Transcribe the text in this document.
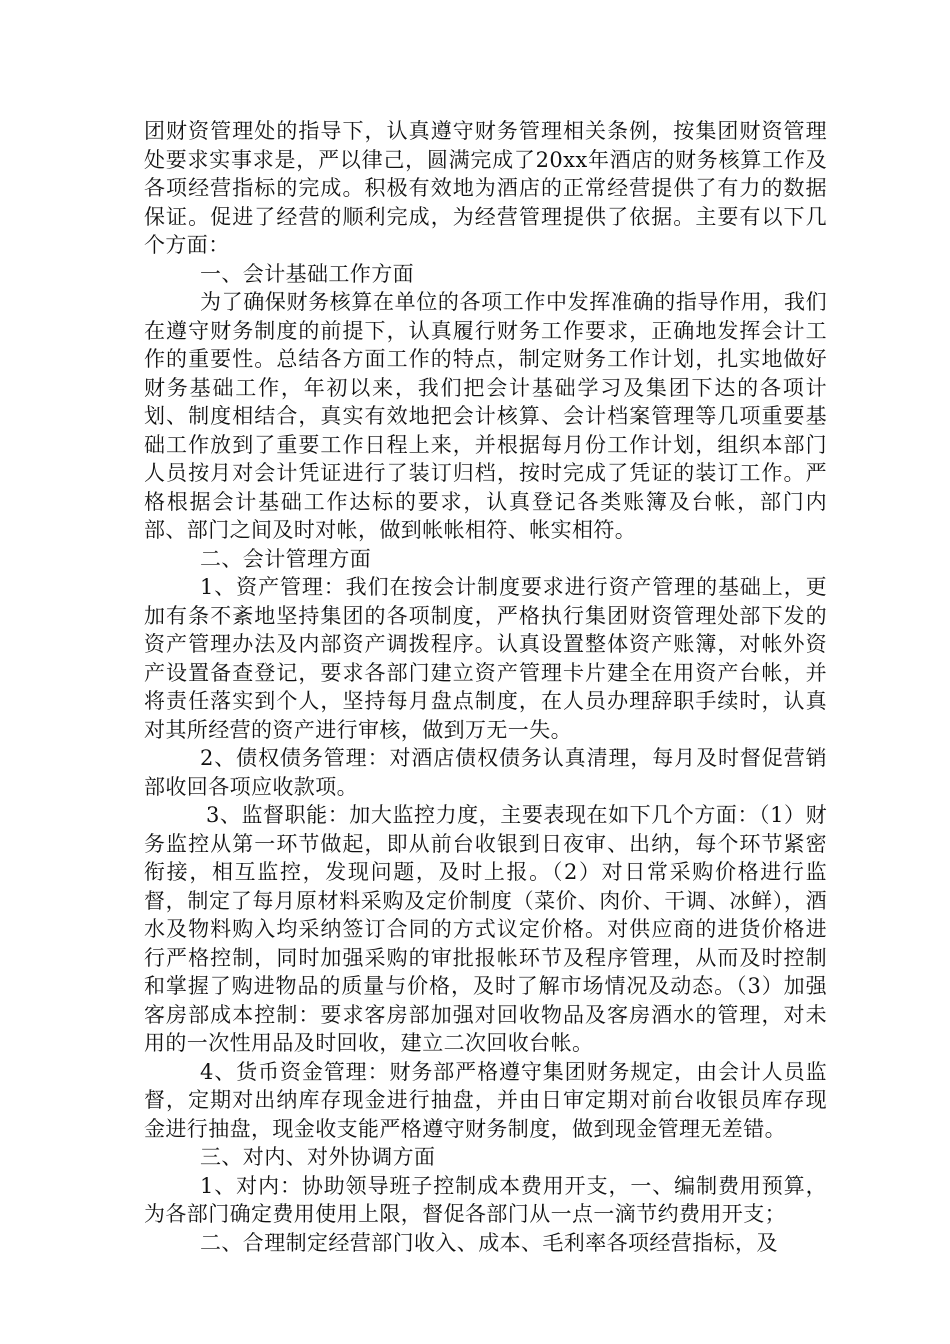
团财资管理处的指导下，认真遵守财务管理相关条例，按集团财资管理处要求实事求是，严以律己，圆满完成了20xx年酒店的财务核算工作及各项经营指标的完成。积极有效地为酒店的正常经营提供了有力的数据保证。促进了经营的顺利完成，为经营管理提供了依据。主要有以下几个方面：

一、会计基础工作方面

为了确保财务核算在单位的各项工作中发挥准确的指导作用，我们在遵守财务制度的前提下，认真履行财务工作要求，正确地发挥会计工作的重要性。总结各方面工作的特点，制定财务工作计划，扎实地做好财务基础工作，年初以来，我们把会计基础学习及集团下达的各项计划、制度相结合，真实有效地把会计核算、会计档案管理等几项重要基础工作放到了重要工作日程上来，并根据每月份工作计划，组织本部门人员按月对会计凭证进行了装订归档，按时完成了凭证的装订工作。严格根据会计基础工作达标的要求，认真登记各类账簿及台帐，部门内部、部门之间及时对帐，做到帐帐相符、帐实相符。

二、会计管理方面

1、资产管理：我们在按会计制度要求进行资产管理的基础上，更加有条不紊地坚持集团的各项制度，严格执行集团财资管理处部下发的资产管理办法及内部资产调拨程序。认真设置整体资产账簿，对帐外资产设置备查登记，要求各部门建立资产管理卡片建全在用资产台帐，并将责任落实到个人，坚持每月盘点制度，在人员办理辞职手续时，认真对其所经营的资产进行审核，做到万无一失。

2、债权债务管理：对酒店债权债务认真清理，每月及时督促营销部收回各项应收款项。

3、监督职能：加大监控力度，主要表现在如下几个方面：（1）财务监控从第一环节做起，即从前台收银到日夜审、出纳，每个环节紧密衔接，相互监控，发现问题，及时上报。（2）对日常采购价格进行监督，制定了每月原材料采购及定价制度（菜价、肉价、干调、冰鲜），酒水及物料购入均采纳签订合同的方式议定价格。对供应商的进货价格进行严格控制，同时加强采购的审批报帐环节及程序管理，从而及时控制和掌握了购进物品的质量与价格，及时了解市场情况及动态。（3）加强客房部成本控制：要求客房部加强对回收物品及客房酒水的管理，对未用的一次性用品及时回收，建立二次回收台帐。

4、货币资金管理：财务部严格遵守集团财务规定，由会计人员监督，定期对出纳库存现金进行抽盘，并由日审定期对前台收银员库存现金进行抽盘，现金收支能严格遵守财务制度，做到现金管理无差错。

三、对内、对外协调方面

1、对内：协助领导班子控制成本费用开支，一、编制费用预算，为各部门确定费用使用上限，督促各部门从一点一滴节约费用开支；

二、合理制定经营部门收入、成本、毛利率各项经营指标，及
